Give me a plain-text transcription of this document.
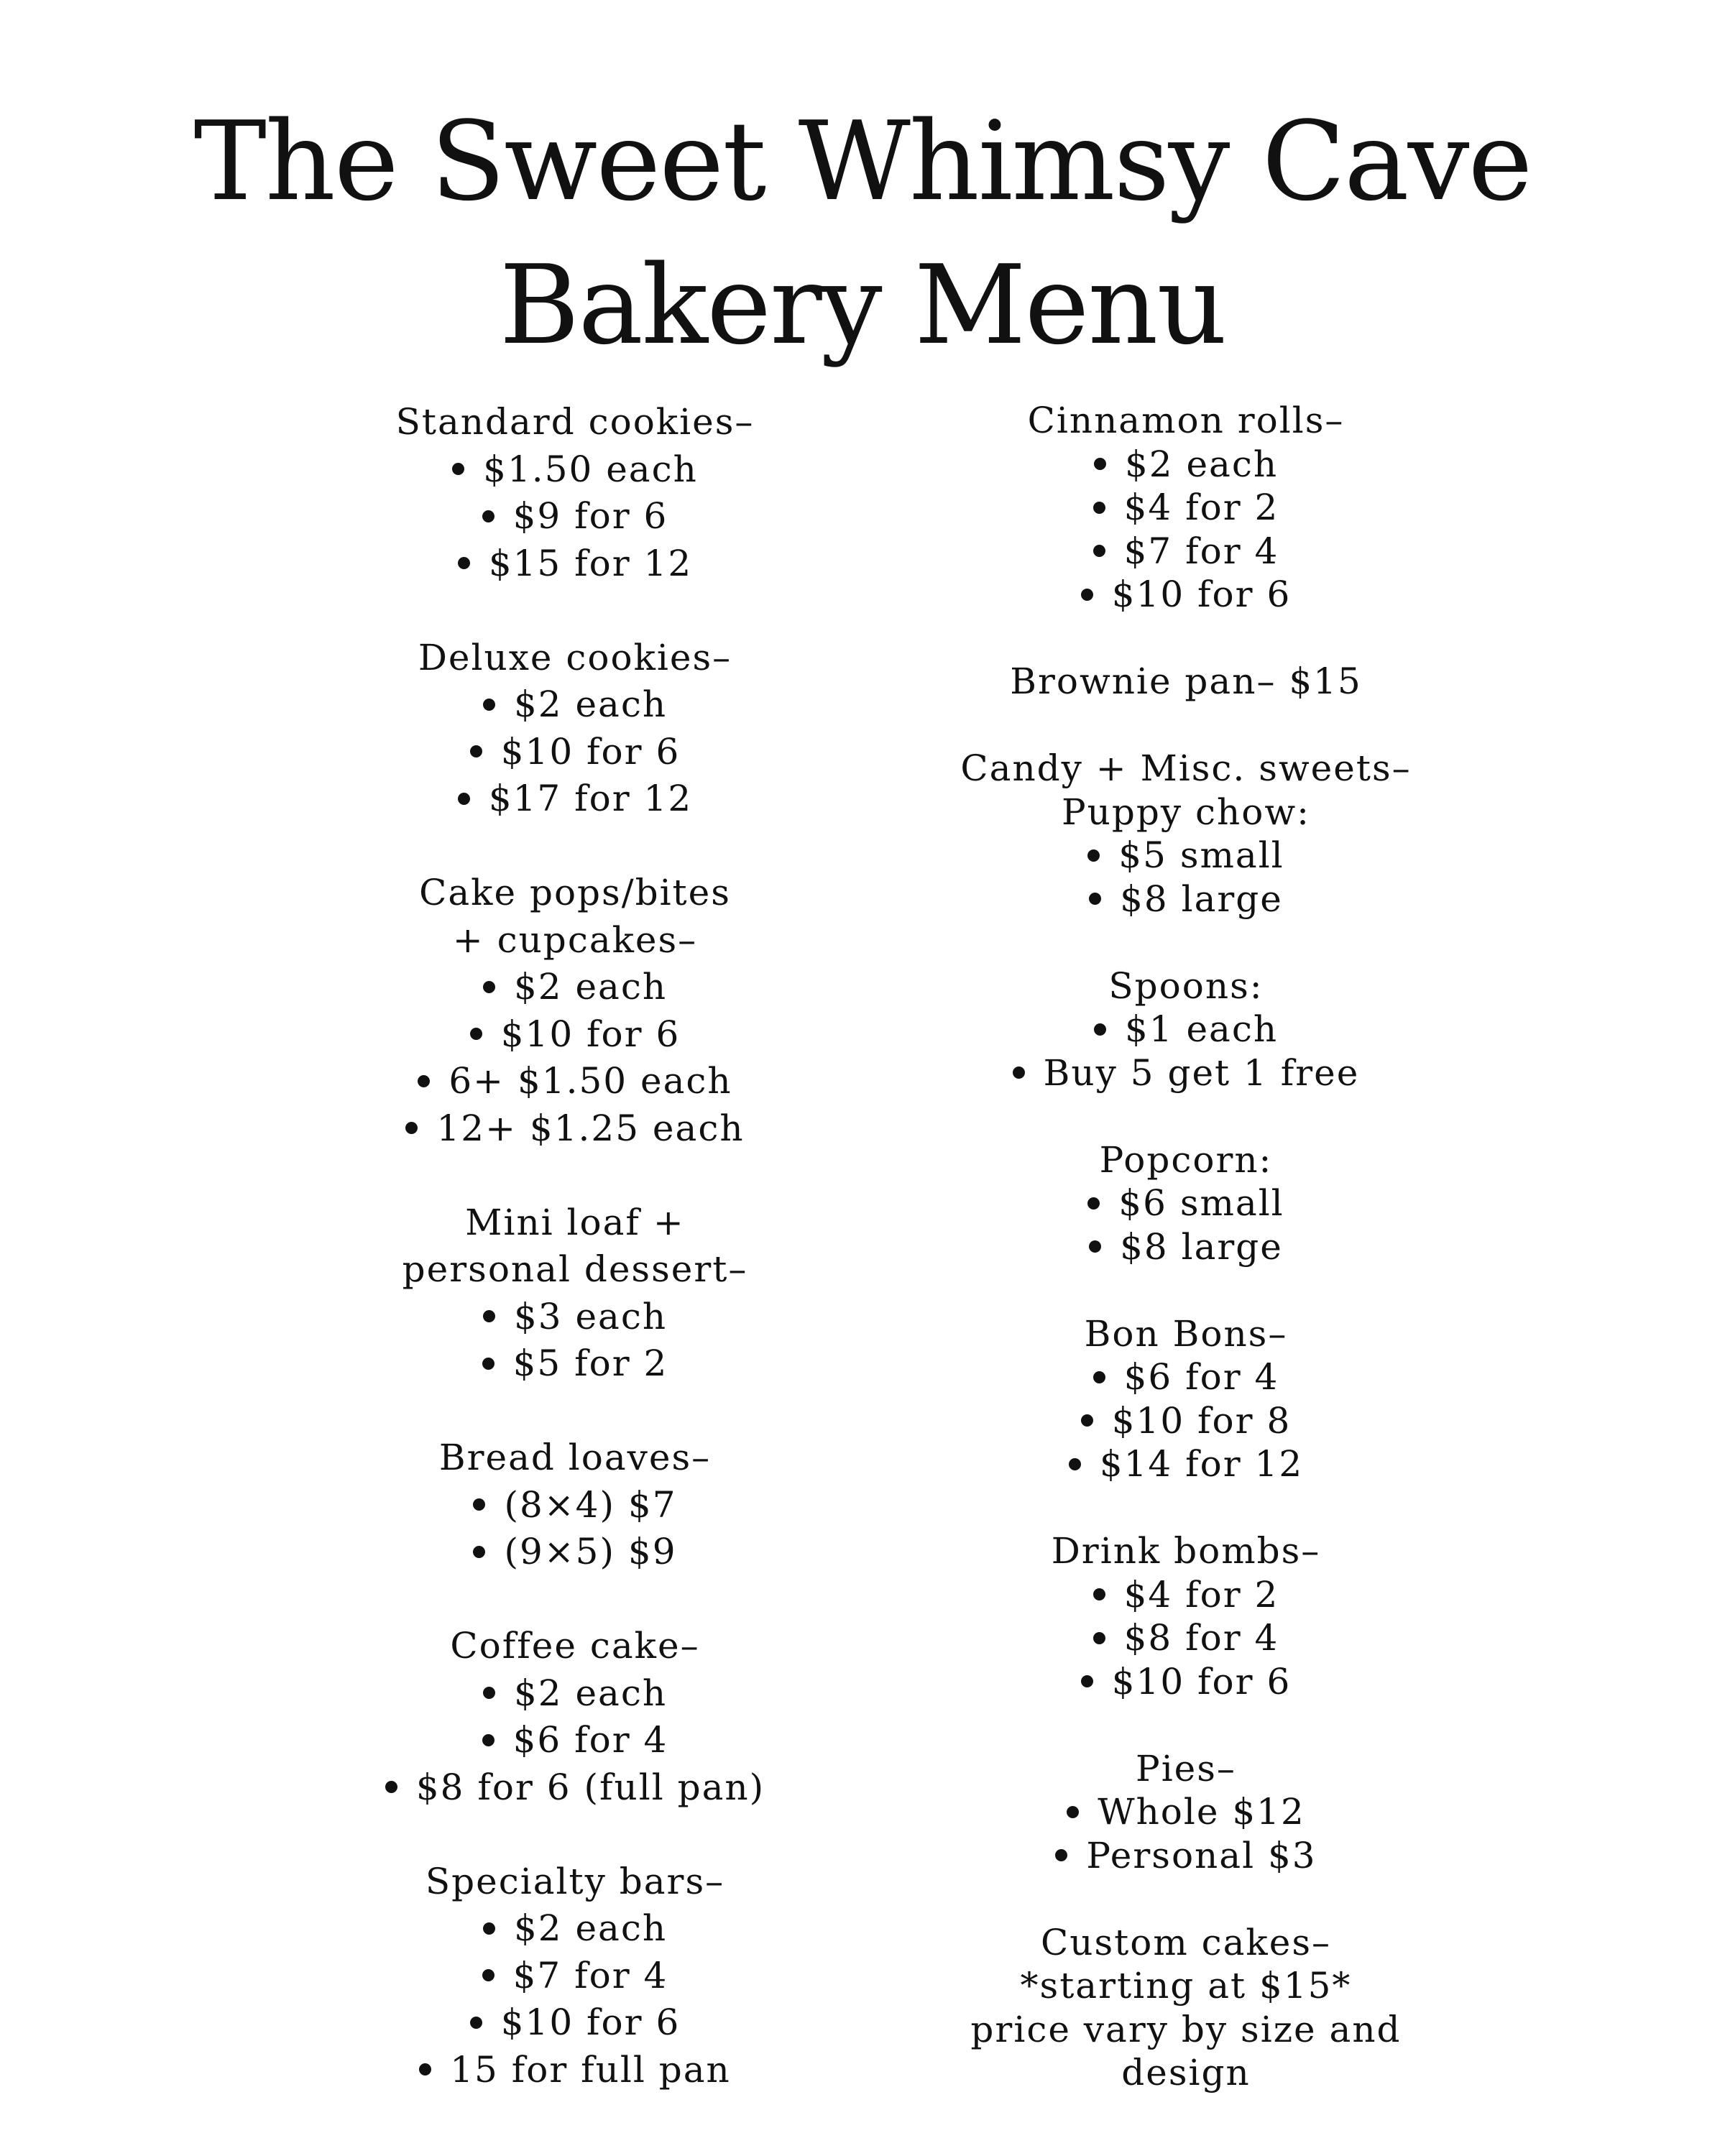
The Sweet Whimsy Cave
Bakery Menu
Standard cookies–
$1.50 each
$9 for 6
$15 for 12
Deluxe cookies–
$2 each
$10 for 6
$17 for 12
Cake pops/bites
+ cupcakes–
$2 each
$10 for 6
6+ $1.50 each
12+ $1.25 each
Mini loaf +
personal dessert–
$3 each
$5 for 2
Bread loaves–
(8×4) $7
(9×5) $9
Coffee cake–
$2 each
$6 for 4
$8 for 6 (full pan)
Specialty bars–
$2 each
$7 for 4
$10 for 6
15 for full pan
Cinnamon rolls–
$2 each
$4 for 2
$7 for 4
$10 for 6
Brownie pan– $15
Candy + Misc. sweets–
Puppy chow:
$5 small
$8 large
Spoons:
$1 each
Buy 5 get 1 free
Popcorn:
$6 small
$8 large
Bon Bons–
$6 for 4
$10 for 8
$14 for 12
Drink bombs–
$4 for 2
$8 for 4
$10 for 6
Pies–
Whole $12
Personal $3
Custom cakes–
*starting at $15*
price vary by size and
design
